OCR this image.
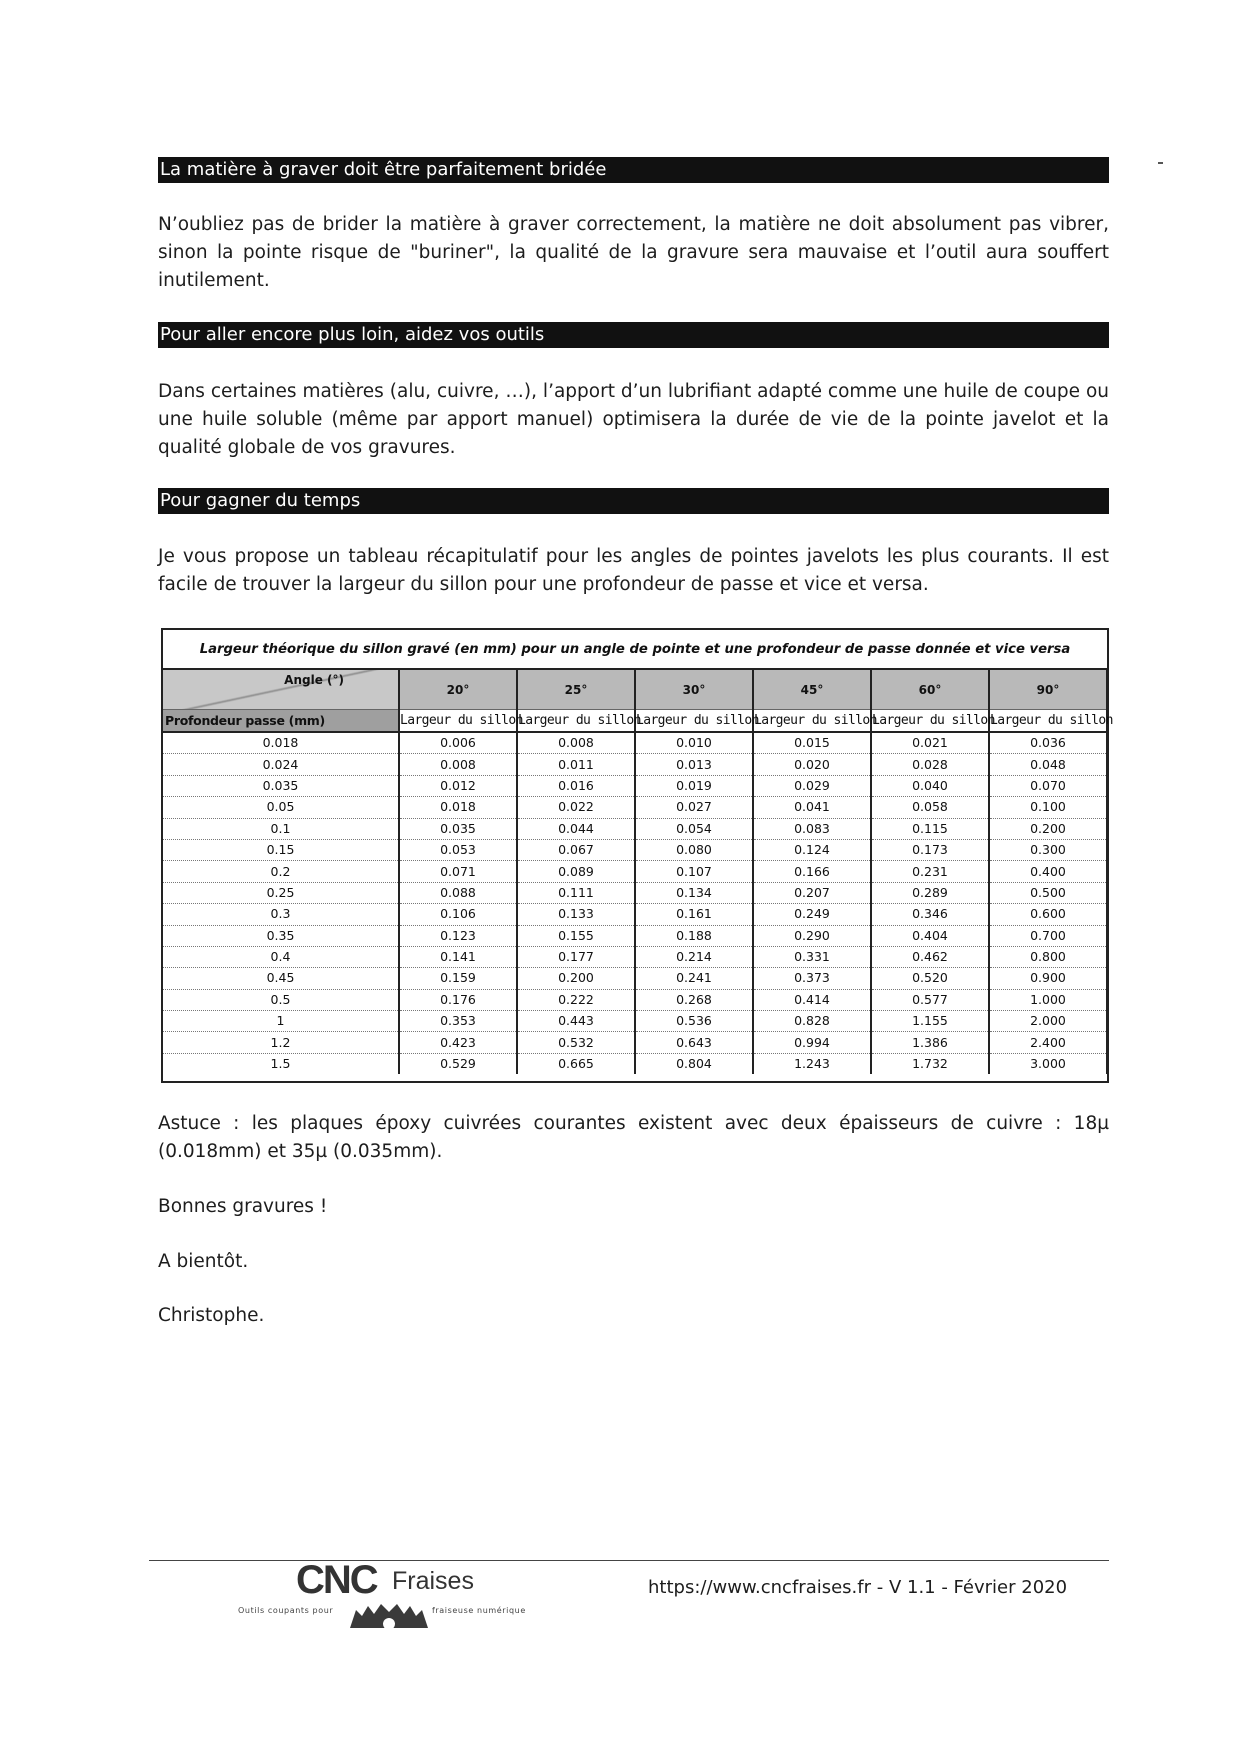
La matière à graver doit être parfaitement bridée

N’oubliez pas de brider la matière à graver correctement, la matière ne doit absolument pas vibrer, sinon la pointe risque de "buriner", la qualité de la gravure sera mauvaise et l’outil aura souffert inutilement.

Pour aller encore plus loin, aidez vos outils

Dans certaines matières (alu, cuivre, …), l’apport d’un lubrifiant adapté comme une huile de coupe ou une huile soluble (même par apport manuel) optimisera la durée de vie de la pointe javelot et la qualité globale de vos gravures.

Pour gagner du temps

Je vous propose un tableau récapitulatif pour les angles de pointes javelots les plus courants. Il est facile de trouver la largeur du sillon pour une profondeur de passe et vice et versa.

Largeur théorique du sillon gravé (en mm) pour un angle de pointe et une profondeur de passe donnée et vice versa
Angle (°)	20°	25°	30°	45°	60°	90°
Profondeur passe (mm)	Largeur du sillon	Largeur du sillon	Largeur du sillon	Largeur du sillon	Largeur du sillon	Largeur du sillon
0.018	0.006	0.008	0.010	0.015	0.021	0.036
0.024	0.008	0.011	0.013	0.020	0.028	0.048
0.035	0.012	0.016	0.019	0.029	0.040	0.070
0.05	0.018	0.022	0.027	0.041	0.058	0.100
0.1	0.035	0.044	0.054	0.083	0.115	0.200
0.15	0.053	0.067	0.080	0.124	0.173	0.300
0.2	0.071	0.089	0.107	0.166	0.231	0.400
0.25	0.088	0.111	0.134	0.207	0.289	0.500
0.3	0.106	0.133	0.161	0.249	0.346	0.600
0.35	0.123	0.155	0.188	0.290	0.404	0.700
0.4	0.141	0.177	0.214	0.331	0.462	0.800
0.45	0.159	0.200	0.241	0.373	0.520	0.900
0.5	0.176	0.222	0.268	0.414	0.577	1.000
1	0.353	0.443	0.536	0.828	1.155	2.000
1.2	0.423	0.532	0.643	0.994	1.386	2.400
1.5	0.529	0.665	0.804	1.243	1.732	3.000

Astuce : les plaques époxy cuivrées courantes existent avec deux épaisseurs de cuivre : 18µ (0.018mm) et 35µ (0.035mm).

Bonnes gravures !

A bientôt.

Christophe.

CNC Fraises
Outils coupants pour	fraiseuse numérique
https://www.cncfraises.fr - V 1.1 - Février 2020
